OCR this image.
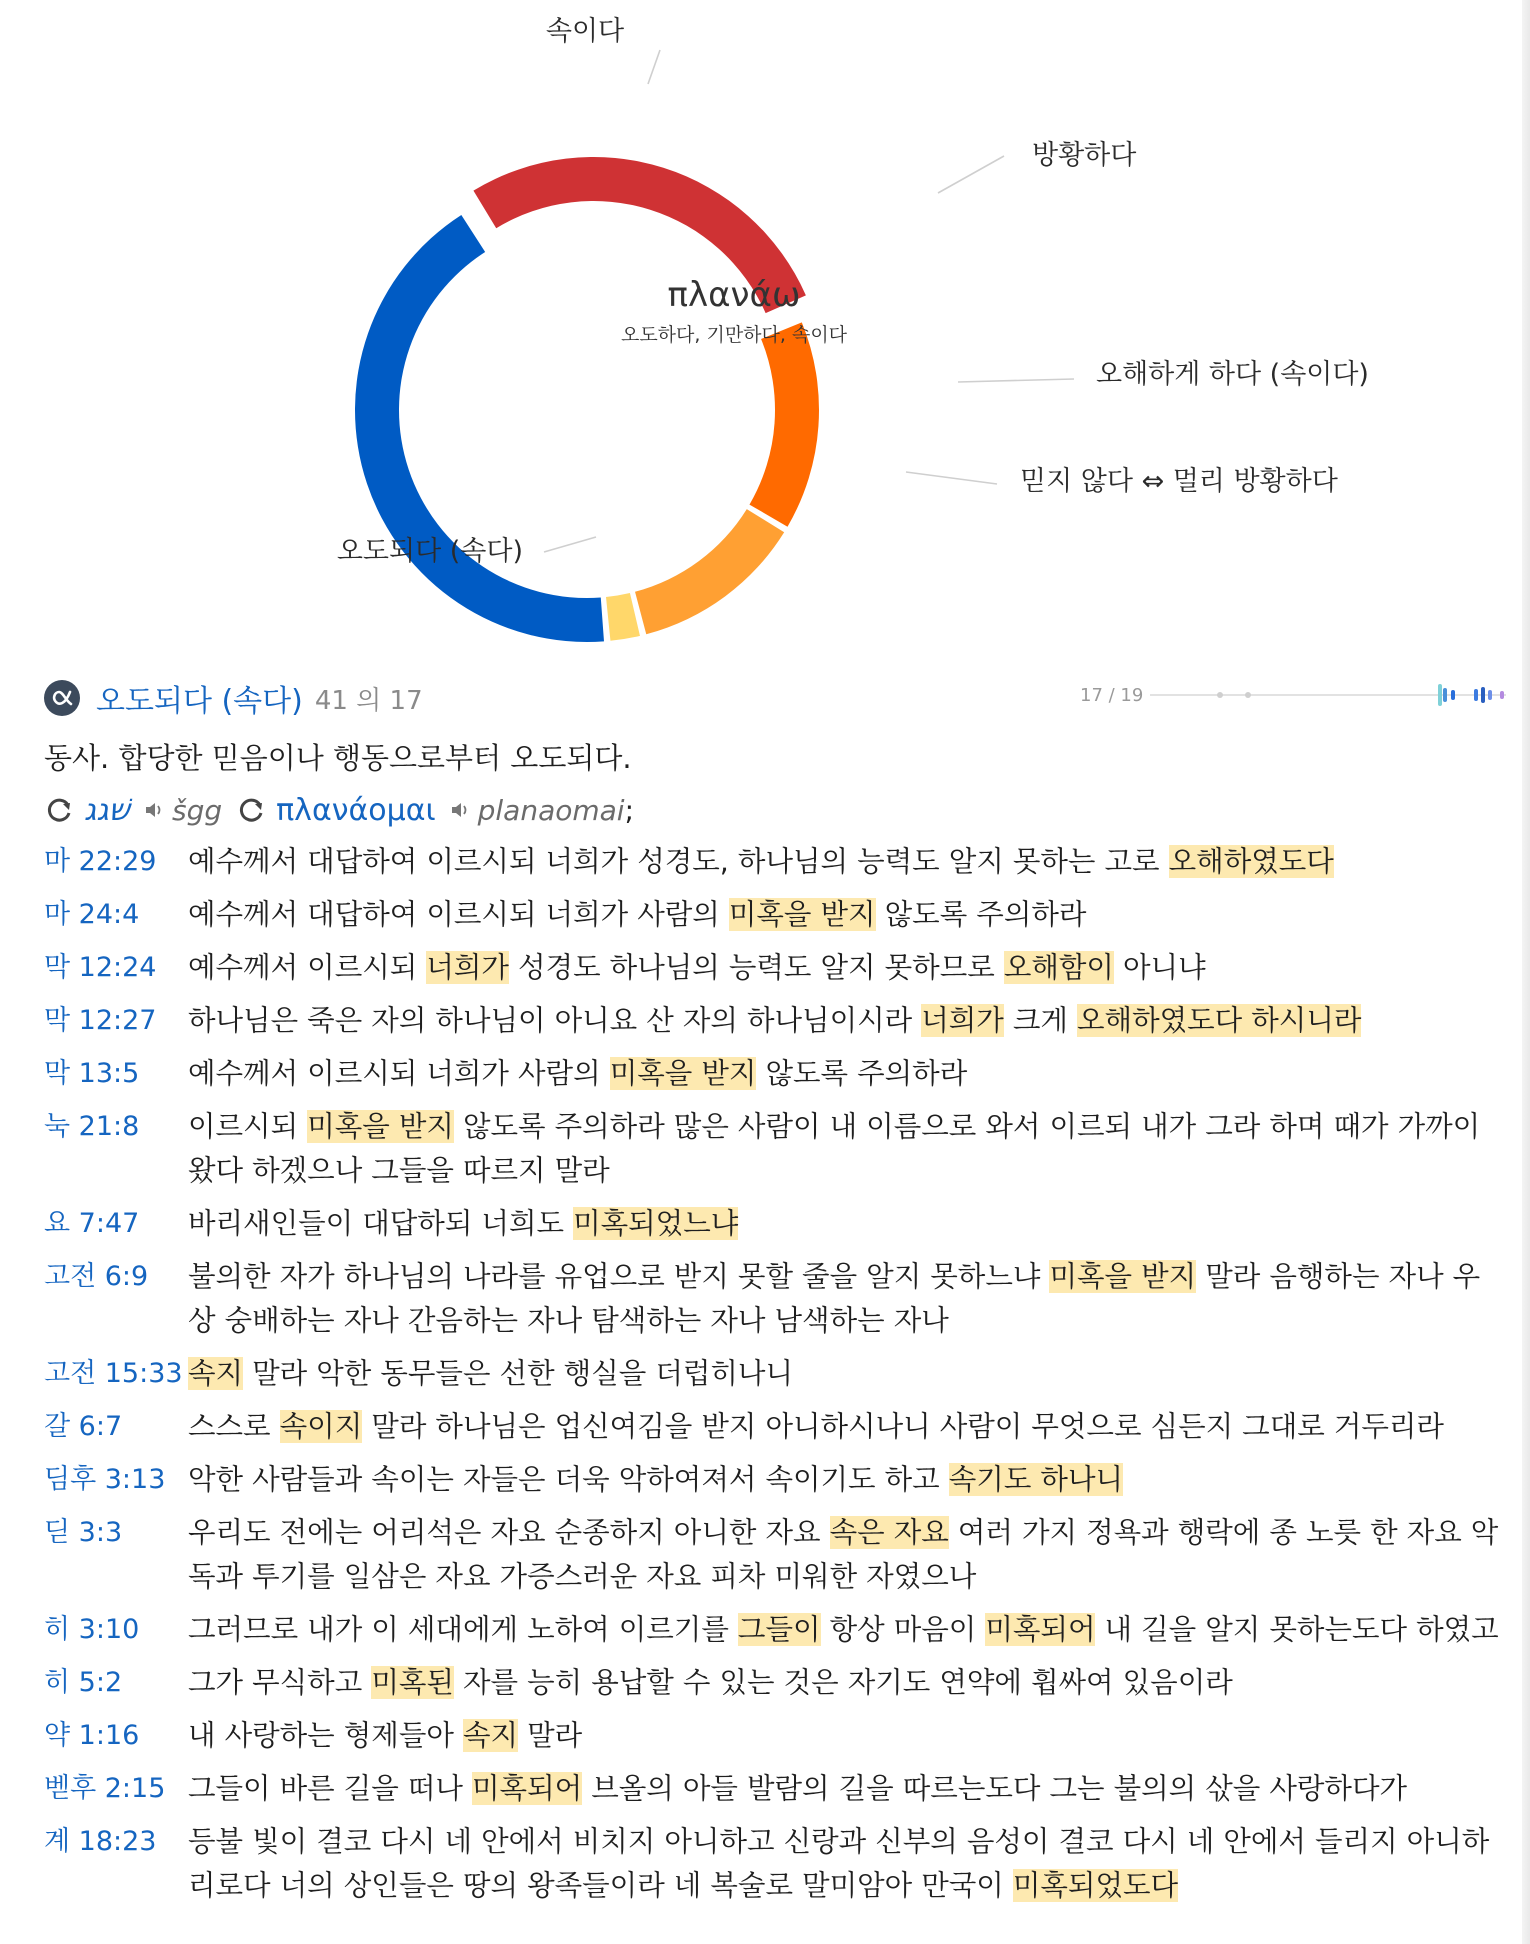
속이다
방황하다
오해하게 하다 (속이다)
믿지 않다 ⇔ 멀리 방황하다
오도되다 (속다)
πλανάω
오도하다, 기만하다, 속이다
오도되다 (속다) 41 의 17	17 / 19
동사. 합당한 믿음이나 행동으로부터 오도되다.
שׁגג šgg πλανάομαι planaomai ;
마 22:29	예수께서 대답하여 이르시되 너희가 성경도, 하나님의 능력도 알지 못하는 고로 오해하였도다
마 24:4	예수께서 대답하여 이르시되 너희가 사람의 미혹을 받지 않도록 주의하라
막 12:24	예수께서 이르시되 너희가 성경도 하나님의 능력도 알지 못하므로 오해함이 아니냐
막 12:27	하나님은 죽은 자의 하나님이 아니요 산 자의 하나님이시라 너희가 크게 오해하였도다 하시니라
막 13:5	예수께서 이르시되 너희가 사람의 미혹을 받지 않도록 주의하라
눅 21:8	이르시되 미혹을 받지 않도록 주의하라 많은 사람이 내 이름으로 와서 이르되 내가 그라 하며 때가 가까이 왔다 하겠으나 그들을 따르지 말라
요 7:47	바리새인들이 대답하되 너희도 미혹되었느냐
고전 6:9	불의한 자가 하나님의 나라를 유업으로 받지 못할 줄을 알지 못하느냐 미혹을 받지 말라 음행하는 자나 우상 숭배하는 자나 간음하는 자나 탐색하는 자나 남색하는 자나
고전 15:33 속지 말라 악한 동무들은 선한 행실을 더럽히나니
갈 6:7	스스로 속이지 말라 하나님은 업신여김을 받지 아니하시나니 사람이 무엇으로 심든지 그대로 거두리라
딤후 3:13 악한 사람들과 속이는 자들은 더욱 악하여져서 속이기도 하고 속기도 하나니
딛 3:3	우리도 전에는 어리석은 자요 순종하지 아니한 자요 속은 자요 여러 가지 정욕과 행락에 종 노릇 한 자요 악독과 투기를 일삼은 자요 가증스러운 자요 피차 미워한 자였으나
히 3:10	그러므로 내가 이 세대에게 노하여 이르기를 그들이 항상 마음이 미혹되어 내 길을 알지 못하는도다 하였고
히 5:2	그가 무식하고 미혹된 자를 능히 용납할 수 있는 것은 자기도 연약에 휩싸여 있음이라
약 1:16	내 사랑하는 형제들아 속지 말라
벧후 2:15 그들이 바른 길을 떠나 미혹되어 브올의 아들 발람의 길을 따르는도다 그는 불의의 삯을 사랑하다가
계 18:23	등불 빛이 결코 다시 네 안에서 비치지 아니하고 신랑과 신부의 음성이 결코 다시 네 안에서 들리지 아니하리로다 너의 상인들은 땅의 왕족들이라 네 복술로 말미암아 만국이 미혹되었도다
